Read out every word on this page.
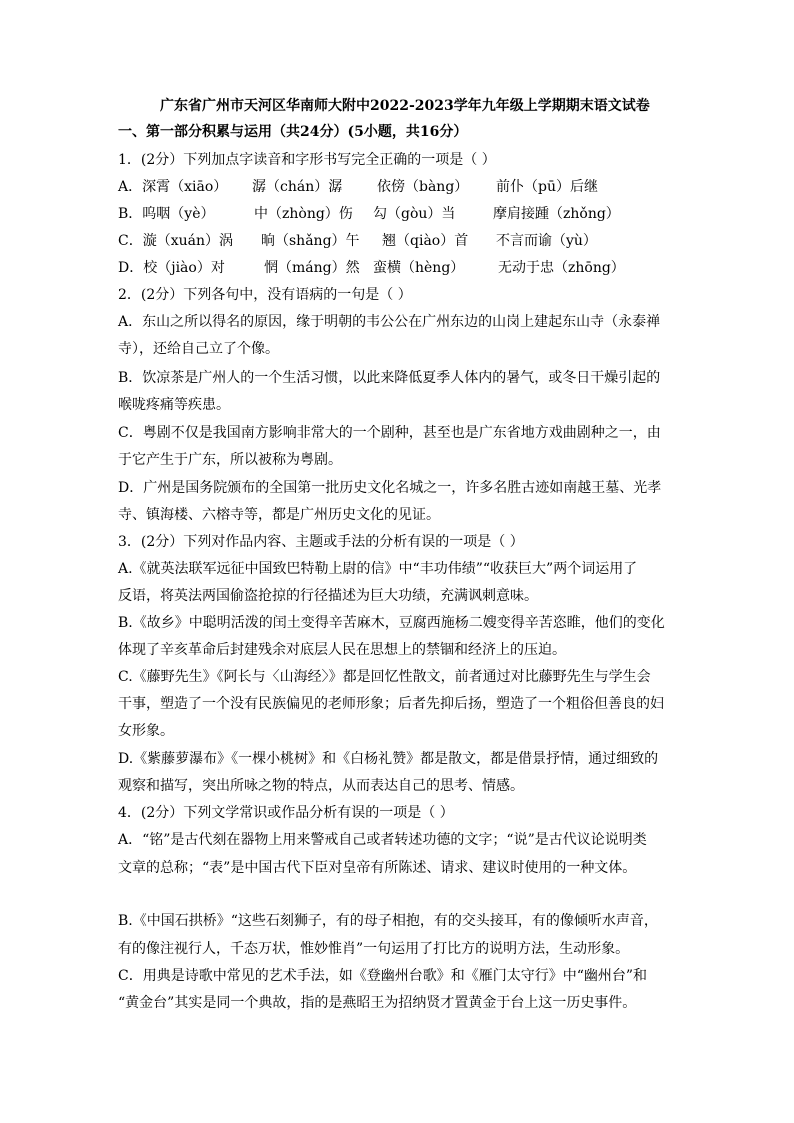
广东省广州市天河区华南师大附中2022-2023学年九年级上学期期末语文试卷
一、第一部分积累与运用（共24分）(5小题，共16分）
1．(2分）下列加点字读音和字形书写完全正确的一项是（ ）
A．深霄（xiāo） 潺（chán）潺 依傍（bàng） 前仆（pū）后继
B．呜咽（yè）	中（zhòng）伤 勾（gòu）当	摩肩接踵（zhǒng）
C．漩（xuán）涡 晌（shǎng）午 翘（qiào）首 不言而谕（yù）
D．校（jiào）对	惘（máng）然 蛮横（hèng） 无动于忠（zhōng）
2．(2分）下列各句中，没有语病的一句是（ ）
A．东山之所以得名的原因，缘于明朝的韦公公在广州东边的山岗上建起东山寺（永泰禅
寺），还给自己立了个像。
B．饮凉茶是广州人的一个生活习惯，以此来降低夏季人体内的暑气，或冬日干燥引起的
喉咙疼痛等疾患。
C．粤剧不仅是我国南方影响非常大的一个剧种，甚至也是广东省地方戏曲剧种之一，由
于它产生于广东，所以被称为粤剧。
D．广州是国务院颁布的全国第一批历史文化名城之一，许多名胜古迹如南越王墓、光孝
寺、镇海楼、六榕寺等，都是广州历史文化的见证。
3．(2分）下列对作品内容、主题或手法的分析有误的一项是（ ）
A.《就英法联军远征中国致巴特勒上尉的信》中“丰功伟绩”“收获巨大”两个词运用了
反语，将英法两国偷盗抢掠的行径描述为巨大功绩，充满讽刺意味。
B.《故乡》中聪明活泼的闰土变得辛苦麻木，豆腐西施杨二嫂变得辛苦恣睢，他们的变化
体现了辛亥革命后封建残余对底层人民在思想上的禁锢和经济上的压迫。
C.《藤野先生》《阿长与〈山海经〉》都是回忆性散文，前者通过对比藤野先生与学生会
干事，塑造了一个没有民族偏见的老师形象；后者先抑后扬，塑造了一个粗俗但善良的妇
女形象。
D.《紫藤萝瀑布》《一棵小桃树》和《白杨礼赞》都是散文，都是借景抒情，通过细致的
观察和描写，突出所咏之物的特点，从而表达自己的思考、情感。
4．(2分）下列文学常识或作品分析有误的一项是（ ）
A．“铭”是古代刻在器物上用来警戒自己或者转述功德的文字；“说”是古代议论说明类
文章的总称；“表”是中国古代下臣对皇帝有所陈述、请求、建议时使用的一种文体。
B.《中国石拱桥》“这些石刻狮子，有的母子相抱，有的交头接耳，有的像倾听水声音，
有的像注视行人，千态万状，惟妙惟肖”一句运用了打比方的说明方法，生动形象。
C．用典是诗歌中常见的艺术手法，如《登幽州台歌》和《雁门太守行》中“幽州台”和
“黄金台”其实是同一个典故，指的是燕昭王为招纳贤才置黄金于台上这一历史事件。
